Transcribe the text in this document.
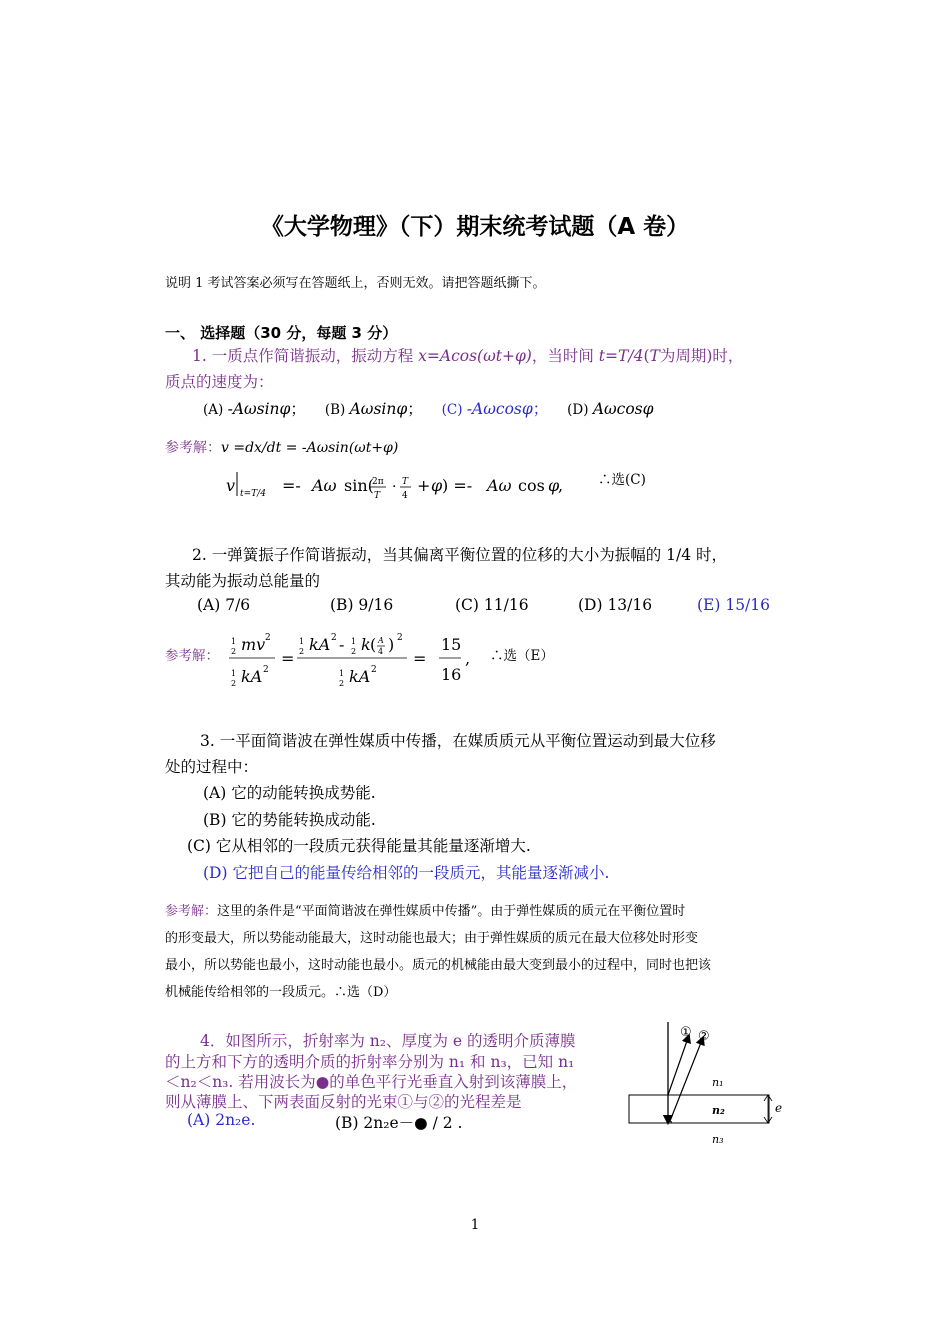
《大学物理》（下）期末统考试题（A 卷）
说明 1 考试答案必须写在答题纸上，否则无效。请把答题纸撕下。
一、 选择题（30 分，每题 3 分）
1. 一质点作简谐振动，振动方程 x=Acos(ωt+φ)，当时间 t=T/4(T为周期)时，
质点的速度为：
(A) -Aωsinφ； (B) Aωsinφ； (C) -Aωcosφ； (D) Aωcosφ
参考解：v =dx/dt = -Aωsin(ωt+φ)
v t=T/4 =- Aω sin(
2π
T
· T
4
+ φ ) =- Aω cos φ
,	∴选(C)
2. 一弹簧振子作简谐振动，当其偏离平衡位置的位移的大小为振幅的 1/4 时，
其动能为振动总能量的
(A) 7/6	(B) 9/16	(C) 11/16	(D) 13/16	(E) 15/16
参考解：
1
2 mv 2
1
2 kA 2
=
1
2 kA 2 - 1
2 k ( A
4 ) 2
1
2 kA 2
=
15
16
, ∴选（E）
3. 一平面简谐波在弹性媒质中传播，在媒质质元从平衡位置运动到最大位移
处的过程中：
(A) 它的动能转换成势能.
(B) 它的势能转换成动能.
(C) 它从相邻的一段质元获得能量其能量逐渐增大.
(D) 它把自己的能量传给相邻的一段质元，其能量逐渐减小.
参考解：这里的条件是“平面简谐波在弹性媒质中传播”。由于弹性媒质的质元在平衡位置时
的形变最大，所以势能动能最大，这时动能也最大；由于弹性媒质的质元在最大位移处时形变
最小，所以势能也最小，这时动能也最小。质元的机械能由最大变到最小的过程中，同时也把该
机械能传给相邻的一段质元。∴选（D）
4．如图所示，折射率为 n₂、厚度为 e 的透明介质薄膜
的上方和下方的透明介质的折射率分别为 n₁ 和 n₃，已知 n₁
＜n₂＜n₃. 若用波长为●的单色平行光垂直入射到该薄膜上，
则从薄膜上、下两表面反射的光束①与②的光程差是
(A) 2n₂e.	(B) 2n₂e－● / 2 .
① ②
n₁
n₂
n₃
e
1
